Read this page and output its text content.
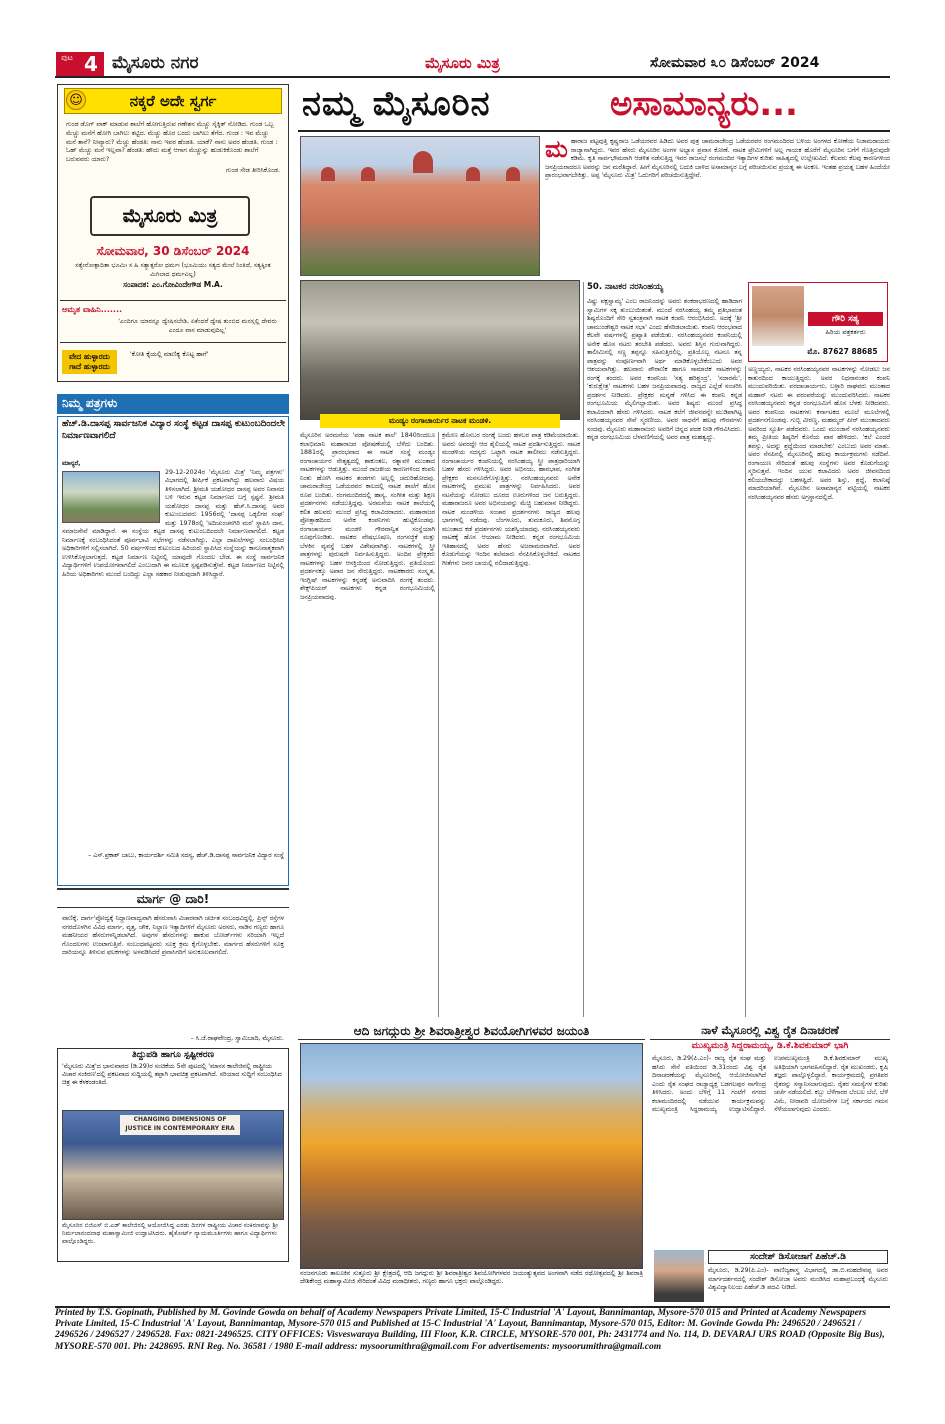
ಪುಟ 4 ಮೈಸೂರು ನಗರ	ಮೈಸೂರು ಮಿತ್ರ	ಸೋಮವಾರ ೩೦ ಡಿಸೆಂಬರ್ 2024
ನಕ್ಕರೆ ಅದೇ ಸ್ವರ್ಗ
☺
ಗುಂಡ ಡೊಗ್ ವಾಕ್ ಮಾಡುವ ಶಾಲೆಗೆ ಹೋಗುತ್ತಿರುವ ಗಣೇಶನ ಮೆಚ್ಚು ಸೈಕ್ಕಿತ್ ನೋಡಿದ. ಗುಂಡ ಒಬ್ಬ ಮೆಚ್ಚು ಮನೆಗೆ ಹೋಗಿ ಬಾಗಿಲು ತಟ್ಟಿದ. ಮೆಚ್ಚು ಹೊರ ಬಂದು ಬಾಗಿಲು ತೆಗೆದ. ಗುಂಡ : ಇವ ಮೆಚ್ಚು ಮನೆ ತಾನೆ? ನೀವ್ಯಾರು? ಮೆಚ್ಚು ಹೆಂಡತಿ: ನಾನು ಇವರ ಹೆಂಡತಿ. ಯಾಕೆ? ನಾನು ಅವರ ಹೆಂಡತಿ. ಗುಂಡ : ಓಹ್ ಮೆಚ್ಚು ಮನೆ ಇಲ್ಲವಾ? ಹೆಂಡತಿ: ಹೌದು ಮತ್ತೆ ಆಗಾಗ ಮೆಚ್ಚುನ್ನು ಹುಡುಕಿಕೊಂಡು ಶಾಲೆಗೆ ಬರುವವರು ಯಾರು?
ಗುಂಡ ಸೇಡ ತೀರಿಸಿಕೊಂಡ.
ಮೈಸೂರು ಮಿತ್ರ
ಸೋಮವಾರ, 30 ಡಿಸೆಂಬರ್ 2024
ಸತ್ಯೇನೋತ್ಪಾದಿತಾ ಭೂಮಿಃ ಸ ಹಿ ಸತ್ಯಾತ್ಪರೋ ಧರ್ಮಃ (ಭೂಮಿಯು ಸತ್ಯದ ಮೇಲೆ ನಿಂತಿದೆ, ಸತ್ಯಕ್ಕಿಂತ ಮಿಗಿಲಾದ ಧರ್ಮವಿಲ್ಲ)
ಸಂಪಾದಕ: ಎಂ.ಗೋವಿಂದೇಗೌಡ M.A.
ಅಮೃತ ವಾಹಿನಿ.......
'ಎಂದಿಗೂ ಯಾರನ್ನೂ ದ್ವೇಷಿಸಬೇಡಿ, ಏಕೆಂದರೆ ದ್ವೇಷ ತುಂಬಿದ ಮನಸ್ಸಲ್ಲಿ ದೇವರು ಎಂದೂ ವಾಸ ಮಾಡುವುದಿಲ್ಲ'
ವೇದ ಹುಳ್ಳಾರದು ಗಾದೆ ಹುಳ್ಳಾರದು
'ಕೋತಿ ಕೈಯಲ್ಲಿ ಮಾಣಿಕ್ಯ ಕೊಟ್ಟ ಹಾಗೆ'
ನಿಮ್ಮ ಪತ್ರಗಳು
ಹೆಚ್.ಡಿ.ದಾಸಪ್ಪ ಸಾರ್ವಜನಿಕ ವಿದ್ಯಾರ ಸಂಸ್ಥೆ ಕಟ್ಟಡ ದಾಸಪ್ಪ ಕುಟುಂಬದಿಂದಲೇ ನಿರ್ಮಾಣವಾಗಲಿದೆ
ಮಾನ್ಯರೆ,
29-12-2024ರ 'ಮೈಸೂರು ಮಿತ್ರ' 'ನಿಮ್ಮ ಪತ್ರಗಳು' ವಿಭಾಗದಲ್ಲಿ ಶೀರ್ಷಿಕೆ ಪ್ರಕಟವಾಗಿದ್ದು ಹಲವಾರು ವಿಷಯ ತಿಳಿಸಲಾಗಿದೆ. ಶ್ರೀಮತಿ ಯಶೋಧರ ದಾಸಪ್ಪ ಅವರ ನಿವಾಸದ ಬಳಿ ಇರುವ ಕಟ್ಟಡ ನಿರ್ಮಾಣದ ಬಗ್ಗೆ ಸ್ಪಷ್ಟನೆ. ಶ್ರೀಮತಿ ಯಶೋಧರ ದಾಸಪ್ಪ ಮತ್ತು ಹೆಚ್.ಸಿ.ದಾಸಪ್ಪ ಅವರ ಕುಟುಂಬದವರು 1956ರಲ್ಲಿ 'ದಾಸಪ್ಪ ಒಕ್ಕಲಿಗರ ಸಂಘ' ಮತ್ತು 1978ರಲ್ಲಿ 'ಅದಿಚುಂಚನಗಿರಿ ಮಠ' ಸ್ಥಾಪಿಸಿ ದಾನ, ಸಮಾಜಸೇವೆ ಮಾಡಿದ್ದಾರೆ. ಈ ಸಂಸ್ಥೆಯ ಕಟ್ಟಡ ದಾಸಪ್ಪ ಕುಟುಂಬದಿಂದಲೇ ನಿರ್ಮಾಣವಾಗಲಿದೆ. ಕಟ್ಟಡ ನಿರ್ಮಾಣಕ್ಕೆ ಸಂಬಂಧಿಸಿದಂತೆ ಪೂರ್ವಭಾವಿ ಸಭೆಗಳನ್ನು ನಡೆಸಲಾಗಿದ್ದು, ಎಲ್ಲಾ ದಾಖಲೆಗಳನ್ನು ಸಂಬಂಧಿಸಿದ ಅಧಿಕಾರಿಗಳಿಗೆ ಸಲ್ಲಿಸಲಾಗಿದೆ. 50 ವರ್ಷಗಳಿಂದ ಕುಟುಂಬದ ಹಿರಿಯರು ಸ್ಥಾಪಿಸಿದ ಸಂಸ್ಥೆಯನ್ನು ಕಾನೂನಾತ್ಮಕವಾಗಿ ಉಳಿಸಿಕೊಳ್ಳಲಾಗುತ್ತದೆ. ಕಟ್ಟಡ ನಿರ್ಮಾಣ ನಿಟ್ಟಿನಲ್ಲಿ ಯಾವುದೇ ಗೊಂದಲ ಬೇಡ. ಈ ಸಂಸ್ಥೆ ಸಾರ್ವಜನಿಕ ವಿದ್ಯಾರ್ಥಿಗಳಿಗೆ ಉಪಯೋಗವಾಗಲಿದೆ ಎಂಬುದಾಗಿ ಈ ಮೂಲಕ ಸ್ಪಷ್ಟಪಡಿಸುತ್ತೇವೆ. ಕಟ್ಟಡ ನಿರ್ಮಾಣದ ನಿಟ್ಟಿನಲ್ಲಿ ಹಿರಿಯ ಅಧಿಕಾರಿಗಳು ಮುಂದೆ ಬಂದಿದ್ದು ಎಲ್ಲಾ ಸಹಕಾರ ನೀಡುವುದಾಗಿ ತಿಳಿಸಿದ್ದಾರೆ.
– ಎಸ್.ಪ್ರಕಾಶ್ ಬಾಬು, ಕಾರ್ಯದರ್ಶಿ ಸಮಿತಿ ಸದಸ್ಯ, ಹೆಚ್.ಡಿ.ದಾಸಪ್ಪ ಸಾರ್ವಜನಿಕ ವಿದ್ಯಾರ ಸಂಸ್ಥೆ
ಮಾರ್ಗ @ ದಾರಿ!
ವಾಣಿಕ್ಕೆ, ದಾರ್ಗ'ಪ್ರೋದ್ವಕ್ಕೆ ನಿದ್ದಾಣವಾದ್ವವಾಗಿ ಹೆಸರುವಾಸಿ ವಿಚಾರವಾಗಿ ಚರ್ಚಿತ ಸಂಬಂಧವಿದ್ದಲ್ಲಿ. ಪ್ರಿನ್ಸ್ ರಸ್ತೆಗಳ ನಗರದೊಳಗಿನ ವಿವಿಧ ಮಾರ್ಗ, ವೃತ್ತ, ಚೌಕ, ನಿಲ್ದಾಣ ಇತ್ಯಾದಿಗಳಿಗೆ ಮೈಸೂರು ಅರಸರು, ನಾಡಿನ ಗಣ್ಯರು ಹಾಗೂ ಮಹನೀಯರ ಹೆಸರುಗಳನ್ನಿಡಲಾಗಿದೆ. ಅವುಗಳ ಹೆಸರುಗಳನ್ನು ಹಾಕುವ ಬೋರ್ಡ್‌ಗಳು ಸರಿಯಾಗಿ ಇಲ್ಲದೆ ಗೊಂದಲಗಳು ಉಂಟಾಗುತ್ತಿವೆ. ಸಂಬಂಧಪಟ್ಟವರು ಸೂಕ್ತ ಕ್ರಮ ಕೈಗೊಳ್ಳಬೇಕು. ಮಾರ್ಗದ ಹೆಸರುಗಳಿಗೆ ಸೂಕ್ತ ದಾರಿಯನ್ನೂ ತಿಳಿಸುವ ಫಲಕಗಳನ್ನು ಅಳವಡಿಸಿದರೆ ಪ್ರವಾಸಿಗರಿಗೆ ಅನುಕೂಲವಾಗಲಿದೆ.
– ಸಿ.ಜೆ.ರಾಘವೇಂದ್ರ, ಸ್ವಾಮಿಬಾದಿ, ಮೈಸೂರು.
ತಿದ್ದುಪಡಿ ಹಾಗೂ ಸ್ಪಷ್ಟೀಕರಣ
'ಮೈಸೂರು ಮಿತ್ರ'ದ ಭಾನುವಾರದ (ಡಿ.29)ರ ಸಂಚಿಕೆಯ 5ನೇ ಪುಟದಲ್ಲಿ 'ಮಾನಸ ಕಾಲೇಜಿನಲ್ಲಿ ರಾಷ್ಟ್ರೀಯ ವಿಚಾರ ಸಂಕಿರಣ'ದಲ್ಲಿ ಪ್ರಕಟವಾದ ಸುದ್ದಿಯಲ್ಲಿ ತಪ್ಪಾಗಿ ಭಾವಚಿತ್ರ ಪ್ರಕಟವಾಗಿದೆ. ಸರಿಯಾದ ಸುದ್ದಿಗೆ ಸಂಬಂಧಿಸಿದ ಚಿತ್ರ ಈ ಕೆಳಕಂಡಂತಿದೆ.
CHANGING DIMENSIONS OF JUSTICE IN CONTEMPORARY ERA
ಮೈಸೂರಿನ ಬಿಜಿಎಸ್ ಬಿ.ಎಡ್ ಕಾಲೇಜಿನಲ್ಲಿ ಆಯೋಜಿಸಿದ್ದ ಎರಡು ದಿನಗಳ ರಾಷ್ಟ್ರೀಯ ವಿಚಾರ ಸಂಕಿರಣವನ್ನು ಶ್ರೀ ನಿರ್ಮಲಾನಂದನಾಥ ಮಹಾಸ್ವಾಮೀಜಿ ಉದ್ಘಾಟಿಸಿದರು. ಹೈಕೋರ್ಟ್ ನ್ಯಾಯಮೂರ್ತಿಗಳು ಹಾಗೂ ವಿದ್ಯಾರ್ಥಿಗಳು ಪಾಲ್ಗೊಂಡಿದ್ದರು.
ನಮ್ಮ ಮೈಸೂರಿನ	ಅಸಾಮಾನ್ಯರು...
ಮ ಹಾರಾಜ ಪಟ್ಟವುತ್ತಿ ಕೃಷ್ಣರಾಜ ಒಡೆಯರವರ ಹಿಡಿದು ಅವರ ಪುತ್ರ ಚಾಮರಾಜೇಂದ್ರ ಒಡೆಯರವರ ರಂಗಮಂದಿರದ ಬಳಿಯ ಅಂಗಳದ ಕೋಣೆಯ ನಿಜಾಮರಾಯರು ರಾಜ್ಯಾನಾಗಿದ್ದರು. ಇವರ ಹೆಸರು ಮೈಸೂರಿನ ಅಂಗಳ ಅಭ್ಯಾಸ ಪ್ರವಾಸ ಕೋಣೆ. ನಾಟಕ ಪ್ರೇಮಿಗಳಿಗೆ ಅಲ್ಲ ಗಾಯಕ ಹೊರೆಗೆ ಮೈಸೂರಿನ ಬಗೆಗೆ ಗೊತ್ತಿರುವುದೇ ಕಡಿಮೆ. ಕೃತಿ ಸಾರ್ವಭೌಮರಾಗಿ ಆಡಳಿತ ನಡೆಸುತ್ತಿದ್ದ ಇವರ ರಾಜಸಭೆ ರಂಗಮಂದಿರ ಇತ್ಯಾದಿಗಳ ಕುರಿತು ಸಾಹಿತ್ಯದಲ್ಲಿ ಉಲ್ಲೇಖವಿದೆ. ಕೆಲವರು ಕೆಲವು ಕಾರಣಗಳಿಂದ ಜನಪ್ರಿಯರಾದರೂ ಅವರನ್ನು ಜನ ಮರೆತಿದ್ದಾರೆ. ಹೀಗೆ ಮೈಸೂರಿನಲ್ಲಿ ಬದುಕಿ ಬಾಳಿದ ಅಸಾಮಾನ್ಯರ ಬಗ್ಗೆ ಪರಿಚಯಿಸುವ ಪ್ರಯತ್ನ ಈ ಅಂಕಣ. ಇಂತಹ ಪ್ರಯತ್ನ ಬಹಳ ಹಿಂದೆಯೇ ಪ್ರಾರಂಭವಾಗಬೇಕಿತ್ತು. ಅಪ್ಪ 'ಮೈಸೂರು ಮಿತ್ರ' ಓದುಗರಿಗೆ ಪರಿಚಯಿಸುತ್ತಿದ್ದೇವೆ.
ಮಂಡ್ಯಂ ರಂಗಾಚಾರ್ಯರ ನಾಟಕ ಮಂಡಳಿ.
50. ನಾಟಕರ ನರಸಿಂಹಯ್ಯ
ಗೌರಿ ಸತ್ಯ
ಹಿರಿಯ ಪತ್ರಕರ್ತರು
ಮೊ. 87627 88685
ಮೈಸೂರಿನ ಅರಮನೆಯ 'ಪಡಾ ನಾಟಕ ಶಾಲೆ' 1840ರಿಂದಲೂ ಕಲಾಭಿಮಾನಿ ಮಹಾರಾಜರ ಪೋಷಣೆಯಲ್ಲಿ ಬೆಳೆದು ಬಂದಿತು. 1881ರಲ್ಲಿ ಪ್ರಾರಂಭವಾದ ಈ ನಾಟಕ ಸಂಸ್ಥೆ ಮಂಡ್ಯಂ ರಂಗಾಚಾರ್ಯರ ನೇತೃತ್ವದಲ್ಲಿ ಶಾಕುಂತಲ, ರತ್ನಾವಳಿ ಮುಂತಾದ ನಾಟಕಗಳನ್ನು ಆಡುತ್ತಿತ್ತು. ಮುಂದೆ ರಾಜಕೀಯ ಕಾರಣಗಳಿಂದ ಕಂಪನಿ ನಿಂತು ಹೋಗಿ ನಾಟಕರ ತಂಡಗಳು ಅಲ್ಲಲ್ಲಿ ಚದುರಿಹೋದವು. ಚಾಮರಾಜೇಂದ್ರ ಒಡೆಯರವರ ಕಾಲದಲ್ಲಿ ನಾಟಕ ಶಾಲೆಗೆ ಹೊಸ ರೂಪ ಬಂದಿತು. ರಂಗಮಂದಿರದಲ್ಲಿ ಹಾಸ್ಯ, ಸಂಗೀತ ಮತ್ತು ಶಿಕ್ಷಣ ಪ್ರದರ್ಶನಗಳು ನಡೆಯುತ್ತಿದ್ದವು. ಅರಮನೆಯ ನಾಟಕ ಶಾಲೆಯಲ್ಲಿ ಕಲಿತ ಹಲವರು ಮುಂದೆ ಪ್ರಸಿದ್ಧ ಕಲಾವಿದರಾದರು. ಮಹಾರಾಜರ ಪ್ರೋತ್ಸಾಹದಿಂದ ಅನೇಕ ಕಂಪನಿಗಳು ಹುಟ್ಟಿಕೊಂಡವು. ರಂಗಾಚಾರ್ಯರ ಮಂಡಳಿ ಗೌರವಾನ್ವಿತ ಸಂಸ್ಥೆಯಾಗಿ ರೂಪುಗೊಂಡಿತು. ನಾಟಕದ ವೇಷಭೂಷಣ, ರಂಗಸಜ್ಜಿಕೆ ಮತ್ತು ಬೆಳಕಿನ ವ್ಯವಸ್ಥೆ ಬಹಳ ವಿಶೇಷವಾಗಿತ್ತು. ನಾಟಕಗಳಲ್ಲಿ ಸ್ತ್ರೀ ಪಾತ್ರಗಳನ್ನು ಪುರುಷರೇ ನಿರ್ವಹಿಸುತ್ತಿದ್ದರು. ಅಂದಿನ ಪ್ರೇಕ್ಷಕರು ನಾಟಕಗಳನ್ನು ಬಹಳ ಆಸಕ್ತಿಯಿಂದ ನೋಡುತ್ತಿದ್ದರು. ಪ್ರತಿಯೊಂದು ಪ್ರದರ್ಶನಕ್ಕೂ ಅಪಾರ ಜನ ಸೇರುತ್ತಿದ್ದರು. ನಾಟಕಕಾರರು ಸಂಸ್ಕೃತ, ಇಂಗ್ಲಿಷ್ ನಾಟಕಗಳನ್ನು ಕನ್ನಡಕ್ಕೆ ಅನುವಾದಿಸಿ ರಂಗಕ್ಕೆ ತಂದರು. ಶೇಕ್ಸ್‌ಪಿಯರ್ ನಾಟಕಗಳು ಕನ್ನಡ ರಂಗಭೂಮಿಯಲ್ಲಿ ಜನಪ್ರಿಯವಾದವು.
ಕ್ರಮೇಣ ಹೊಸಬರ ರಂಗಕ್ಕೆ ಬಂದು ಹಳಬರ ಪಾತ್ರ ಕಡಿಮೆಯಾಯಿತು. ಅವರು ಅವರದ್ದೇ ಆದ ಶೈಲಿಯಲ್ಲಿ ನಾಟಕ ಪ್ರದರ್ಶಿಸುತ್ತಿದ್ದರು. ನಾಟಕ ಮಂಡಳಿಯ ಸದಸ್ಯರು ಒಟ್ಟಾಗಿ ನಾಟಕ ತಾಲೀಮು ನಡೆಸುತ್ತಿದ್ದರು. ರಂಗಾಚಾರ್ಯರ ಕಂಪನಿಯಲ್ಲಿ ನರಸಿಂಹಯ್ಯ ಸ್ತ್ರೀ ಪಾತ್ರಧಾರಿಯಾಗಿ ಬಹಳ ಹೆಸರು ಗಳಿಸಿದ್ದರು. ಅವರ ಅಭಿನಯ, ಹಾವಭಾವ, ಸಂಗೀತ ಪ್ರೇಕ್ಷಕರ ಮನಸೂರೆಗೊಳ್ಳುತ್ತಿತ್ತು. ನರಸಿಂಹಯ್ಯನವರು ಅನೇಕ ನಾಟಕಗಳಲ್ಲಿ ಪ್ರಮುಖ ಪಾತ್ರಗಳನ್ನು ನಿರ್ವಹಿಸಿದರು. ಅವರ ನಟನೆಯನ್ನು ನೋಡಲು ದೂರದ ಊರುಗಳಿಂದ ಜನ ಬರುತ್ತಿದ್ದರು. ಮಹಾರಾಜರೂ ಅವರ ಅಭಿನಯವನ್ನು ಮೆಚ್ಚಿ ಬಹುಮಾನ ನೀಡಿದ್ದರು. ನಾಟಕ ಮಂಡಳಿಯ ಸಂಚಾರ ಪ್ರದರ್ಶನಗಳು ರಾಜ್ಯದ ಹಲವು ಭಾಗಗಳಲ್ಲಿ ನಡೆದವು. ಬೆಂಗಳೂರು, ತುಮಕೂರು, ಶಿವಮೊಗ್ಗ ಮುಂತಾದ ಕಡೆ ಪ್ರದರ್ಶನಗಳು ಯಶಸ್ವಿಯಾದವು. ನರಸಿಂಹಯ್ಯನವರು ನಾಟಕಕ್ಕೆ ಹೊಸ ಆಯಾಮ ನೀಡಿದರು. ಕನ್ನಡ ರಂಗಭೂಮಿಯ ಇತಿಹಾಸದಲ್ಲಿ ಅವರ ಹೆಸರು ಅಜರಾಮರವಾಗಿದೆ. ಅವರ ಕೊಡುಗೆಯನ್ನು ಇಂದಿನ ತಲೆಮಾರು ನೆನಪಿಸಿಕೊಳ್ಳಬೇಕಿದೆ. ನಾಟಕದ ಗೀತೆಗಳು ಜನರ ಬಾಯಲ್ಲಿ ನಲಿದಾಡುತ್ತಿದ್ದವು.
ವಿಷ್ಣು ಪಕ್ಷಸ್ವಾಮ್ಯ' ಎಂಬ ರಾಜನಿಂದನ್ನು ಅವರು ಶಂಕರಾಭರಣದಲ್ಲಿ ಹಾಡಿದಾಗ ಸ್ವಾಮಿಗಳ ಸಕ್ಕ ತುಂಬುಯಿತಂತೆ. ಮುಂದೆ ನರಸಿಂಹಯ್ಯ ತಮ್ಮ ಪ್ರತಿಭಾವಂತ ಶಿಷ್ಯರೊಂದಿಗೆ ಸೇರಿ ಸ್ವತಂತ್ರವಾಗಿ ನಾಟಕ ಕಂಪನಿ ಆರಂಭಿಸಿದರು. ಅದಕ್ಕೆ 'ಶ್ರೀ ಚಾಮುಂಡೇಶ್ವರಿ ನಾಟಕ ಸಭಾ' ಎಂದು ಹೆಸರಿಡಲಾಯಿತು. ಕಂಪನಿ ಆರಂಭವಾದ ಕೆಲವೇ ವರ್ಷಗಳಲ್ಲಿ ಪ್ರಖ್ಯಾತಿ ಪಡೆಯಿತು. ನರಸಿಂಹಯ್ಯನವರ ಕಂಪನಿಯಲ್ಲಿ ಅನೇಕ ಹೊಸ ನಟರು ತರಬೇತಿ ಪಡೆದರು. ಅವರು ಶಿಸ್ತಿನ ಗುರುವಾಗಿದ್ದರು. ತಾಲೀಮಿನಲ್ಲಿ ಸಣ್ಣ ತಪ್ಪನ್ನೂ ಸಹಿಸುತ್ತಿರಲಿಲ್ಲ. ಪ್ರತಿಯೊಬ್ಬ ನಟನೂ ತನ್ನ ಪಾತ್ರವನ್ನು ಸಂಪೂರ್ಣವಾಗಿ ಅರ್ಥ ಮಾಡಿಕೊಳ್ಳಬೇಕೆಂಬುದು ಅವರ ಆಶಯವಾಗಿತ್ತು. ಹಲವಾರು ಪೌರಾಣಿಕ ಹಾಗೂ ಸಾಮಾಜಿಕ ನಾಟಕಗಳನ್ನು ರಂಗಕ್ಕೆ ತಂದರು. ಅವರ ಕಂಪನಿಯ 'ಸತ್ಯ ಹರಿಶ್ಚಂದ್ರ', 'ಸದಾರಮೆ', 'ಕುರುಕ್ಷೇತ್ರ' ನಾಟಕಗಳು ಬಹಳ ಜನಪ್ರಿಯವಾದವು. ರಾಜ್ಯದ ಎಲ್ಲೆಡೆ ಸಂಚರಿಸಿ ಪ್ರದರ್ಶನ ನೀಡಿದರು. ಪ್ರೇಕ್ಷಕರ ಮನ್ನಣೆ ಗಳಿಸಿದ ಈ ಕಂಪನಿ ಕನ್ನಡ ರಂಗಭೂಮಿಯ ಮೈಲಿಗಲ್ಲಾಯಿತು. ಅವರ ಶಿಷ್ಯರು ಮುಂದೆ ಪ್ರಸಿದ್ಧ ಕಲಾವಿದರಾಗಿ ಹೆಸರು ಗಳಿಸಿದರು. ನಾಟಕ ಕಲೆಗೆ ಜೀವನವನ್ನೇ ಮುಡಿಪಾಗಿಟ್ಟ ನರಸಿಂಹಯ್ಯನವರ ಸೇವೆ ಸ್ಮರಣೀಯ. ಅವರ ಸಾಧನೆಗೆ ಹಲವು ಗೌರವಗಳು ಸಂದವು. ಮೈಸೂರು ಮಹಾರಾಜರು ಅವರಿಗೆ ಚಿನ್ನದ ಪದಕ ನೀಡಿ ಗೌರವಿಸಿದರು. ಕನ್ನಡ ರಂಗಭೂಮಿಯ ಬೆಳವಣಿಗೆಯಲ್ಲಿ ಅವರ ಪಾತ್ರ ಮಹತ್ವದ್ದು.
ಅಣ್ಣಯ್ಯರು, ನಾಟಕರ ನರಸಿಂಹಯ್ಯನವರ ನಾಟಕಗಳನ್ನು ನೋಡಲು ಜನ ಕಾತುರದಿಂದ ಕಾಯುತ್ತಿದ್ದರು. ಅವರ ನಿಧನಾನಂತರ ಕಂಪನಿ ಮುಂದುವರಿಯಿತು. ವರದಾಚಾರ್ಯರು, ಬಳ್ಳಾರಿ ರಾಘವರು ಮುಂತಾದ ಮಹಾನ್ ನಟರು ಈ ಪರಂಪರೆಯನ್ನು ಮುಂದುವರಿಸಿದರು. ನಾಟಕರ ನರಸಿಂಹಯ್ಯನವರು ಕನ್ನಡ ರಂಗಭೂಮಿಗೆ ಹೊಸ ಬೆಳಕು ನೀಡಿದವರು. ಅವರ ಕಂಪನಿಯ ನಾಟಕಗಳು ಕರ್ನಾಟಕದ ಮೂಲೆ ಮೂಲೆಗಳಲ್ಲಿ ಪ್ರದರ್ಶನಗೊಂಡವು. ಗುಬ್ಬಿ ವೀರಣ್ಣ, ಮಹಮ್ಮದ್ ಪೀರ್ ಮುಂತಾದವರು ಅವರಿಂದ ಸ್ಫೂರ್ತಿ ಪಡೆದವರು. ಒಂದು ಮುಂಜಾನೆ ನರಸಿಂಹಯ್ಯನವರು ತಮ್ಮ ಪ್ರೀತಿಯ ಶಿಷ್ಯರಿಗೆ ಕೊನೆಯ ಪಾಠ ಹೇಳಿದರು. 'ಕಲೆ ಎಂದರೆ ತಪಸ್ಸು, ಅದನ್ನು ಶ್ರದ್ಧೆಯಿಂದ ಮಾಡಬೇಕು' ಎಂಬುದು ಅವರ ಮಾತು. ಅವರ ನೆನಪಿನಲ್ಲಿ ಮೈಸೂರಿನಲ್ಲಿ ಹಲವು ಕಾರ್ಯಕ್ರಮಗಳು ನಡೆದಿವೆ. ರಂಗಾಯಣ ಸೇರಿದಂತೆ ಹಲವು ಸಂಸ್ಥೆಗಳು ಅವರ ಕೊಡುಗೆಯನ್ನು ಸ್ಮರಿಸುತ್ತವೆ. ಇಂದಿನ ಯುವ ಕಲಾವಿದರು ಅವರ ಜೀವನದಿಂದ ಕಲಿಯಬೇಕಾದದ್ದು ಬಹಳಷ್ಟಿದೆ. ಅವರ ಶಿಸ್ತು, ಶ್ರದ್ಧೆ, ಕಲಾನಿಷ್ಠೆ ಮಾದರಿಯಾಗಿವೆ. ಮೈಸೂರಿನ ಅಸಾಮಾನ್ಯರ ಪಟ್ಟಿಯಲ್ಲಿ ನಾಟಕರ ನರಸಿಂಹಯ್ಯನವರ ಹೆಸರು ಅಗ್ರಸ್ಥಾನದಲ್ಲಿದೆ.
ಆದಿ ಜಗದ್ಗುರು ಶ್ರೀ ಶಿವರಾತ್ರೀಶ್ವರ ಶಿವಯೋಗಿಗಳವರ ಜಯಂತಿ
ನಂಜನಗೂಡು ತಾಲೂಕಿನ ಸುತ್ತೂರು ಶ್ರೀ ಕ್ಷೇತ್ರದಲ್ಲಿ ಆದಿ ಜಗದ್ಗುರು ಶ್ರೀ ಶಿವರಾತ್ರೀಶ್ವರ ಶಿವಯೋಗಿಗಳವರ ಜಯಂತ್ಯುತ್ಸವದ ಅಂಗವಾಗಿ ನಡೆದ ರಥೋತ್ಸವದಲ್ಲಿ ಶ್ರೀ ಶಿವರಾತ್ರಿ ದೇಶಿಕೇಂದ್ರ ಮಹಾಸ್ವಾಮೀಜಿ ಸೇರಿದಂತೆ ವಿವಿಧ ಮಠಾಧೀಶರು, ಗಣ್ಯರು ಹಾಗೂ ಭಕ್ತರು ಪಾಲ್ಗೊಂಡಿದ್ದರು.
ನಾಳೆ ಮೈಸೂರಲ್ಲಿ ವಿಶ್ವ ರೈತ ದಿನಾಚರಣೆ
ಮುಖ್ಯಮಂತ್ರಿ ಸಿದ್ದರಾಮಯ್ಯ, ಡಿ.ಕೆ.ಶಿವಕುಮಾರ್ ಭಾಗಿ
ಮೈಸೂರು, ಡಿ.29(ಪಿ.ಎಂ)- ರಾಜ್ಯ ರೈತ ಸಂಘ ಮತ್ತು ಹಸಿರು ಸೇನೆ ವತಿಯಿಂದ ಡಿ.31ರಂದು ವಿಶ್ವ ರೈತ ದಿನಾಚರಣೆಯನ್ನು ಮೈಸೂರಿನಲ್ಲಿ ಆಯೋಜಿಸಲಾಗಿದೆ ಎಂದು ರೈತ ಸಂಘದ ರಾಜ್ಯಾಧ್ಯಕ್ಷ ಬಡಗಲಪುರ ನಾಗೇಂದ್ರ ತಿಳಿಸಿದರು. ಅಂದು ಬೆಳಿಗ್ಗೆ 11 ಗಂಟೆಗೆ ನಗರದ ಕಲಾಮಂದಿರದಲ್ಲಿ ನಡೆಯುವ ಕಾರ್ಯಕ್ರಮವನ್ನು ಮುಖ್ಯಮಂತ್ರಿ ಸಿದ್ದರಾಮಯ್ಯ ಉದ್ಘಾಟಿಸಲಿದ್ದಾರೆ. ಉಪಮುಖ್ಯಮಂತ್ರಿ ಡಿ.ಕೆ.ಶಿವಕುಮಾರ್ ಮುಖ್ಯ ಅತಿಥಿಯಾಗಿ ಭಾಗವಹಿಸಲಿದ್ದಾರೆ. ರೈತ ಮುಖಂಡರು, ಕೃಷಿ ತಜ್ಞರು ಪಾಲ್ಗೊಳ್ಳಲಿದ್ದಾರೆ. ಕಾರ್ಯಕ್ರಮದಲ್ಲಿ ಪ್ರಗತಿಪರ ರೈತರನ್ನು ಸನ್ಮಾನಿಸಲಾಗುವುದು. ರೈತರ ಸಮಸ್ಯೆಗಳ ಕುರಿತು ಚರ್ಚೆ ನಡೆಯಲಿದೆ. ಕಬ್ಬು ಬೆಳೆಗಾರರ ಬೆಂಬಲ ಬೆಲೆ, ಬೆಳೆ ವಿಮೆ, ನೀರಾವರಿ ಯೋಜನೆಗಳ ಬಗ್ಗೆ ಸರ್ಕಾರದ ಗಮನ ಸೆಳೆಯಲಾಗುವುದು ಎಂದರು.
ಸಂದೇಶ್ ಡಿಸೋಜಾಗೆ ಪಿಹೆಚ್.ಡಿ
ಮೈಸೂರು, ಡಿ.29(ಪಿ.ಎಂ)- ವಾಣಿಜ್ಯಶಾಸ್ತ್ರ ವಿಭಾಗದಲ್ಲಿ ಡಾ.ಬಿ.ಮಹದೇವಪ್ಪ ಅವರ ಮಾರ್ಗದರ್ಶನದಲ್ಲಿ ಸಂದೇಶ್ ಡಿಸೋಜಾ ಅವರು ಮಂಡಿಸಿದ ಮಹಾಪ್ರಬಂಧಕ್ಕೆ ಮೈಸೂರು ವಿಶ್ವವಿದ್ಯಾನಿಲಯ ಪಿಹೆಚ್.ಡಿ ಪದವಿ ನೀಡಿದೆ.
Printed by T.S. Gopinath, Published by M. Govinde Gowda on behalf of Academy Newspapers Private Limited, 15-C Industrial 'A' Layout, Bannimantap, Mysore-570 015 and Printed at Academy Newspapers Private Limited, 15-C Industrial 'A' Layout, Bannimantap, Mysore-570 015 and Published at 15-C Industrial 'A' Layout, Bannimantap, Mysore-570 015, Editor: M. Govinde Gowda Ph: 2496520 / 2496521 / 2496526 / 2496527 / 2496528. Fax: 0821-2496525. CITY OFFICES: Visveswaraya Building, III Floor, K.R. CIRCLE, MYSORE-570 001, Ph: 2431774 and No. 114, D. DEVARAJ URS ROAD (Opposite Big Bus), MYSORE-570 001. Ph: 2428695. RNI Reg. No. 36581 / 1980 E-mail address: mysoorumithra@gmail.com For advertisements: mysoorumithra@gmail.com
